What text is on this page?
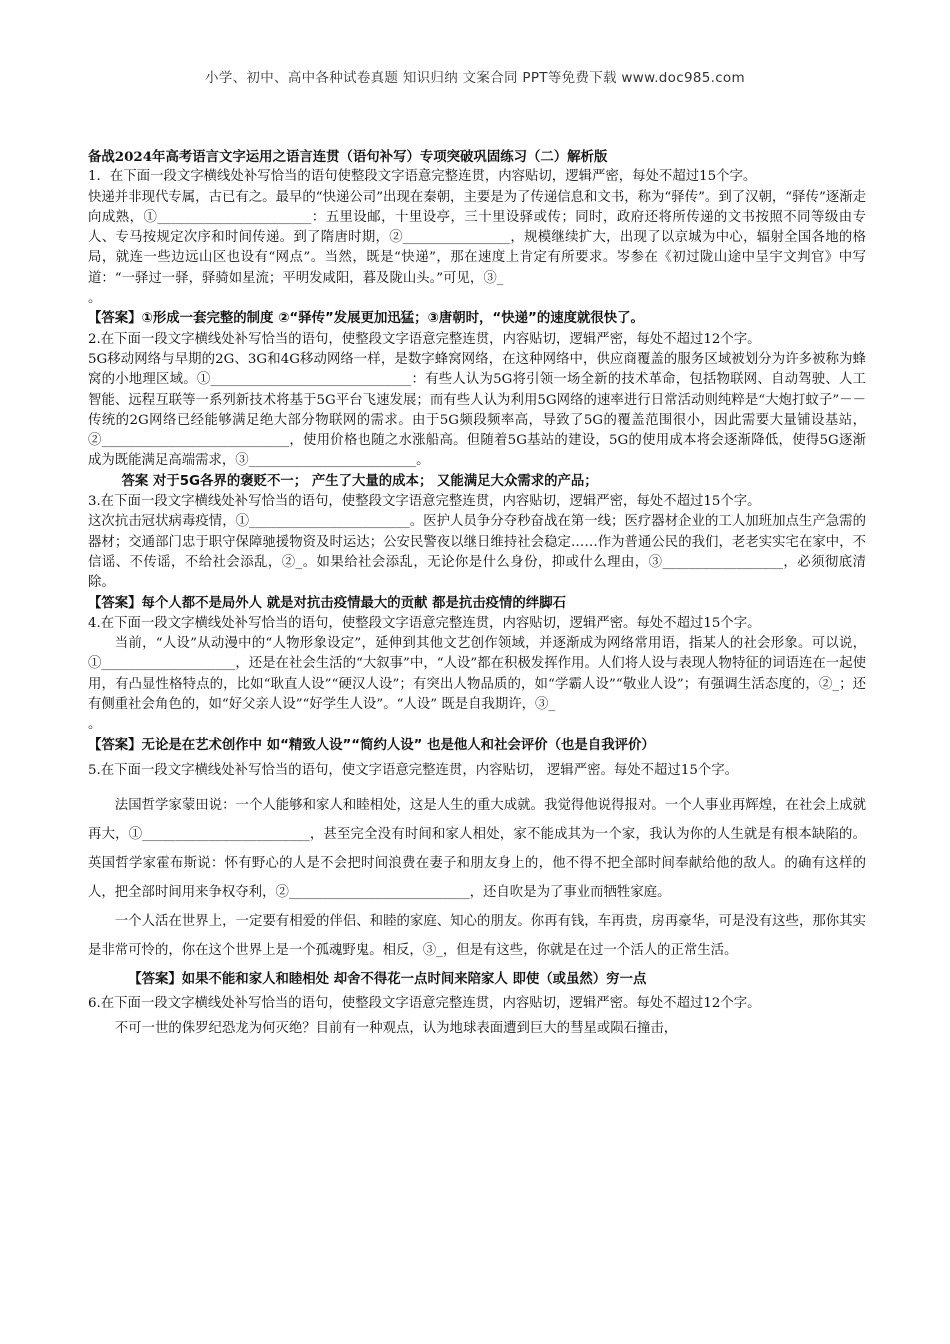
小学、初中、高中各种试卷真题 知识归纳 文案合同 PPT等免费下载 www.doc985.com

备战2024年高考语言文字运用之语言连贯（语句补写）专项突破巩固练习（二）解析版

1．在下面一段文字横线处补写恰当的语句使整段文字语意完整连贯，内容贴切，逻辑严密，每处不超过15个字。

快递并非现代专属，古已有之。最早的“快递公司”出现在秦朝，主要是为了传递信息和文书，称为“驿传”。到了汉朝，“驿传”逐渐走向成熟，①_______________________：五里设邮，十里设亭，三十里设驿或传；同时，政府还将所传递的文书按照不同等级由专人、专马按规定次序和时间传递。到了隋唐时期，②________________，规模继续扩大，出现了以京城为中心，辐射全国各地的格局，就连一些边远山区也设有“网点”。当然，既是“快递”，那在速度上肯定有所要求。岑参在《初过陇山途中呈宇文判官》中写道：“一驿过一驿，驿骑如星流；平明发咸阳，暮及陇山头。”可见，③_

。

【答案】①形成一套完整的制度 ②“驿传”发展更加迅猛；③唐朝时，“快递”的速度就很快了。

2.在下面一段文字横线处补写恰当的语句，使整段文字语意完整连贯，内容贴切，逻辑严密，每处不超过12个字。

5G移动网络与早期的2G、3G和4G移动网络一样，是数字蜂窝网络，在这种网络中，供应商覆盖的服务区域被划分为许多被称为蜂窝的小地理区域。①______________________________：有些人认为5G将引领一场全新的技术革命，包括物联网、自动驾驶、人工智能、远程互联等一系列新技术将基于5G平台飞速发展；而有些人认为利用5G网络的速率进行日常活动则纯粹是“大炮打蚊子”－－传统的2G网络已经能够满足绝大部分物联网的需求。由于5G频段频率高，导致了5G的覆盖范围很小，因此需要大量铺设基站，②____________________________，使用价格也随之水涨船高。但随着5G基站的建设，5G的使用成本将会逐渐降低，使得5G逐渐成为既能满足高端需求，③_________________________。

答案 对于5G各界的褒贬不一； 产生了大量的成本； 又能满足大众需求的产品；

3.在下面一段文字横线处补写恰当的语句，使整段文字语意完整连贯，内容贴切，逻辑严密，每处不超过15个字。

这次抗击冠状病毒疫情，①________________________。医护人员争分夺秒奋战在第一线；医疗器材企业的工人加班加点生产急需的器材；交通部门忠于职守保障驰援物资及时运达；公安民警夜以继日维持社会稳定……作为普通公民的我们，老老实实宅在家中，不信谣、不传谣，不给社会添乱，②_。如果给社会添乱，无论你是什么身份，抑或什么理由，③__________________，必须彻底清除。

【答案】每个人都不是局外人 就是对抗击疫情最大的贡献 都是抗击疫情的绊脚石

4.在下面一段文字横线处补写恰当的语句，使整段文字语意完整连贯，内容贴切，逻辑严密。每处不超过15个字。

当前，“人设”从动漫中的“人物形象设定”，延伸到其他文艺创作领域，并逐渐成为网络常用语，指某人的社会形象。可以说，①____________________，还是在社会生活的“大叙事”中，“人设”都在积极发挥作用。人们将人设与表现人物特征的词语连在一起使用，有凸显性格特点的，比如“耿直人设”“硬汉人设”；有突出人物品质的，如“学霸人设”“敬业人设”；有强调生活态度的，②_；还有侧重社会角色的，如“好父亲人设”“好学生人设”。“人设” 既是自我期许，③_

。

【答案】无论是在艺术创作中 如“精致人设”“简约人设” 也是他人和社会评价（也是自我评价）

5.在下面一段文字横线处补写恰当的语句，使文字语意完整连贯，内容贴切， 逻辑严密。每处不超过15个字。

法国哲学家蒙田说：一个人能够和家人和睦相处，这是人生的重大成就。我觉得他说得报对。一个人事业再辉煌，在社会上成就再大，①_________________________，甚至完全没有时间和家人相处，家不能成其为一个家，我认为你的人生就是有根本缺陷的。英国哲学家霍布斯说：怀有野心的人是不会把时间浪费在妻子和朋友身上的，他不得不把全部时间奉献给他的敌人。的确有这样的人，把全部时间用来争权夺利，②___________________________，还自吹是为了事业而牺牲家庭。

一个人活在世界上，一定要有相爱的伴侣、和睦的家庭、知心的朋友。你再有钱，车再贵，房再豪华，可是没有这些，那你其实是非常可怜的，你在这个世界上是一个孤魂野鬼。相反，③_，但是有这些，你就是在过一个活人的正常生活。

【答案】如果不能和家人和睦相处 却舍不得花一点时间来陪家人 即使（或虽然）穷一点

6.在下面一段文字横线处补写恰当的语句，使整段文字语意完整连贯，内容贴切，逻辑严密。每处不超过12个字。

不可一世的侏罗纪恐龙为何灭绝？目前有一种观点，认为地球表面遭到巨大的彗星或陨石撞击，
